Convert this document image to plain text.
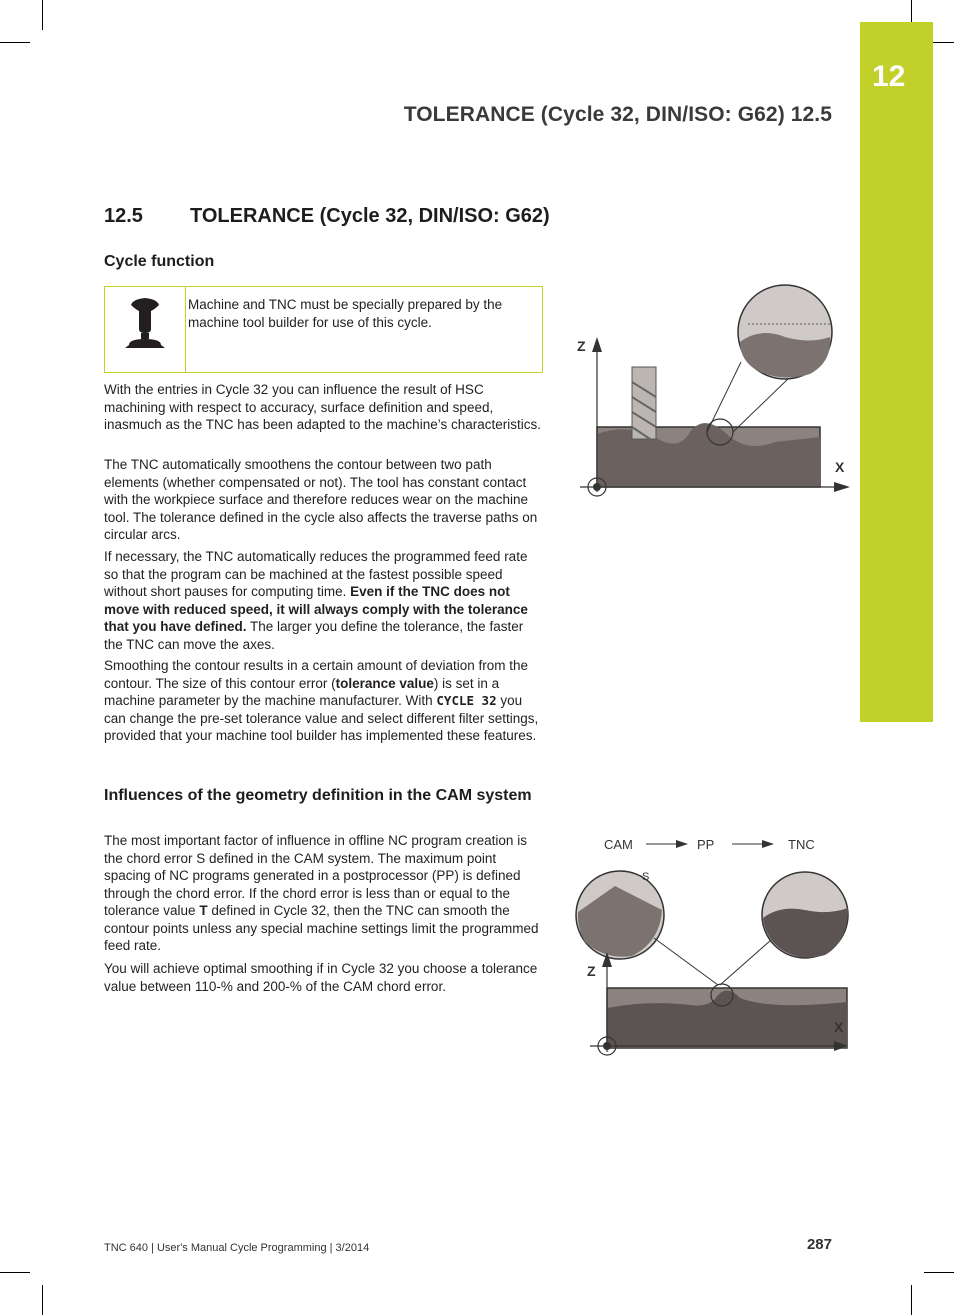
12
TOLERANCE (Cycle 32, DIN/ISO: G62) 12.5
12.5 TOLERANCE (Cycle 32, DIN/ISO: G62)
Cycle function
Machine and TNC must be specially prepared by the machine tool builder for use of this cycle.

With the entries in Cycle 32 you can influence the result of HSC machining with respect to accuracy, surface definition and speed, inasmuch as the TNC has been adapted to the machine’s characteristics.

The TNC automatically smoothens the contour between two path elements (whether compensated or not). The tool has constant contact with the workpiece surface and therefore reduces wear on the machine tool. The tolerance defined in the cycle also affects the traverse paths on circular arcs.

If necessary, the TNC automatically reduces the programmed feed rate so that the program can be machined at the fastest possible speed without short pauses for computing time. Even if the TNC does not move with reduced speed, it will always comply with the tolerance that you have defined. The larger you define the tolerance, the faster the TNC can move the axes.

Smoothing the contour results in a certain amount of deviation from the contour. The size of this contour error (tolerance value) is set in a machine parameter by the machine manufacturer. With CYCLE 32 you can change the pre-set tolerance value and select different filter settings, provided that your machine tool builder has implemented these features.

Influences of the geometry definition in the CAM system

The most important factor of influence in offline NC program creation is the chord error S defined in the CAM system. The maximum point spacing of NC programs generated in a postprocessor (PP) is defined through the chord error. If the chord error is less than or equal to the tolerance value T defined in Cycle 32, then the TNC can smooth the contour points unless any special machine settings limit the programmed feed rate.

You will achieve optimal smoothing if in Cycle 32 you choose a tolerance value between 110-% and 200-% of the CAM chord error.

Z
X
CAM	PP	TNC
S
Z
X
TNC 640 | User's Manual Cycle Programming | 3/2014	287
